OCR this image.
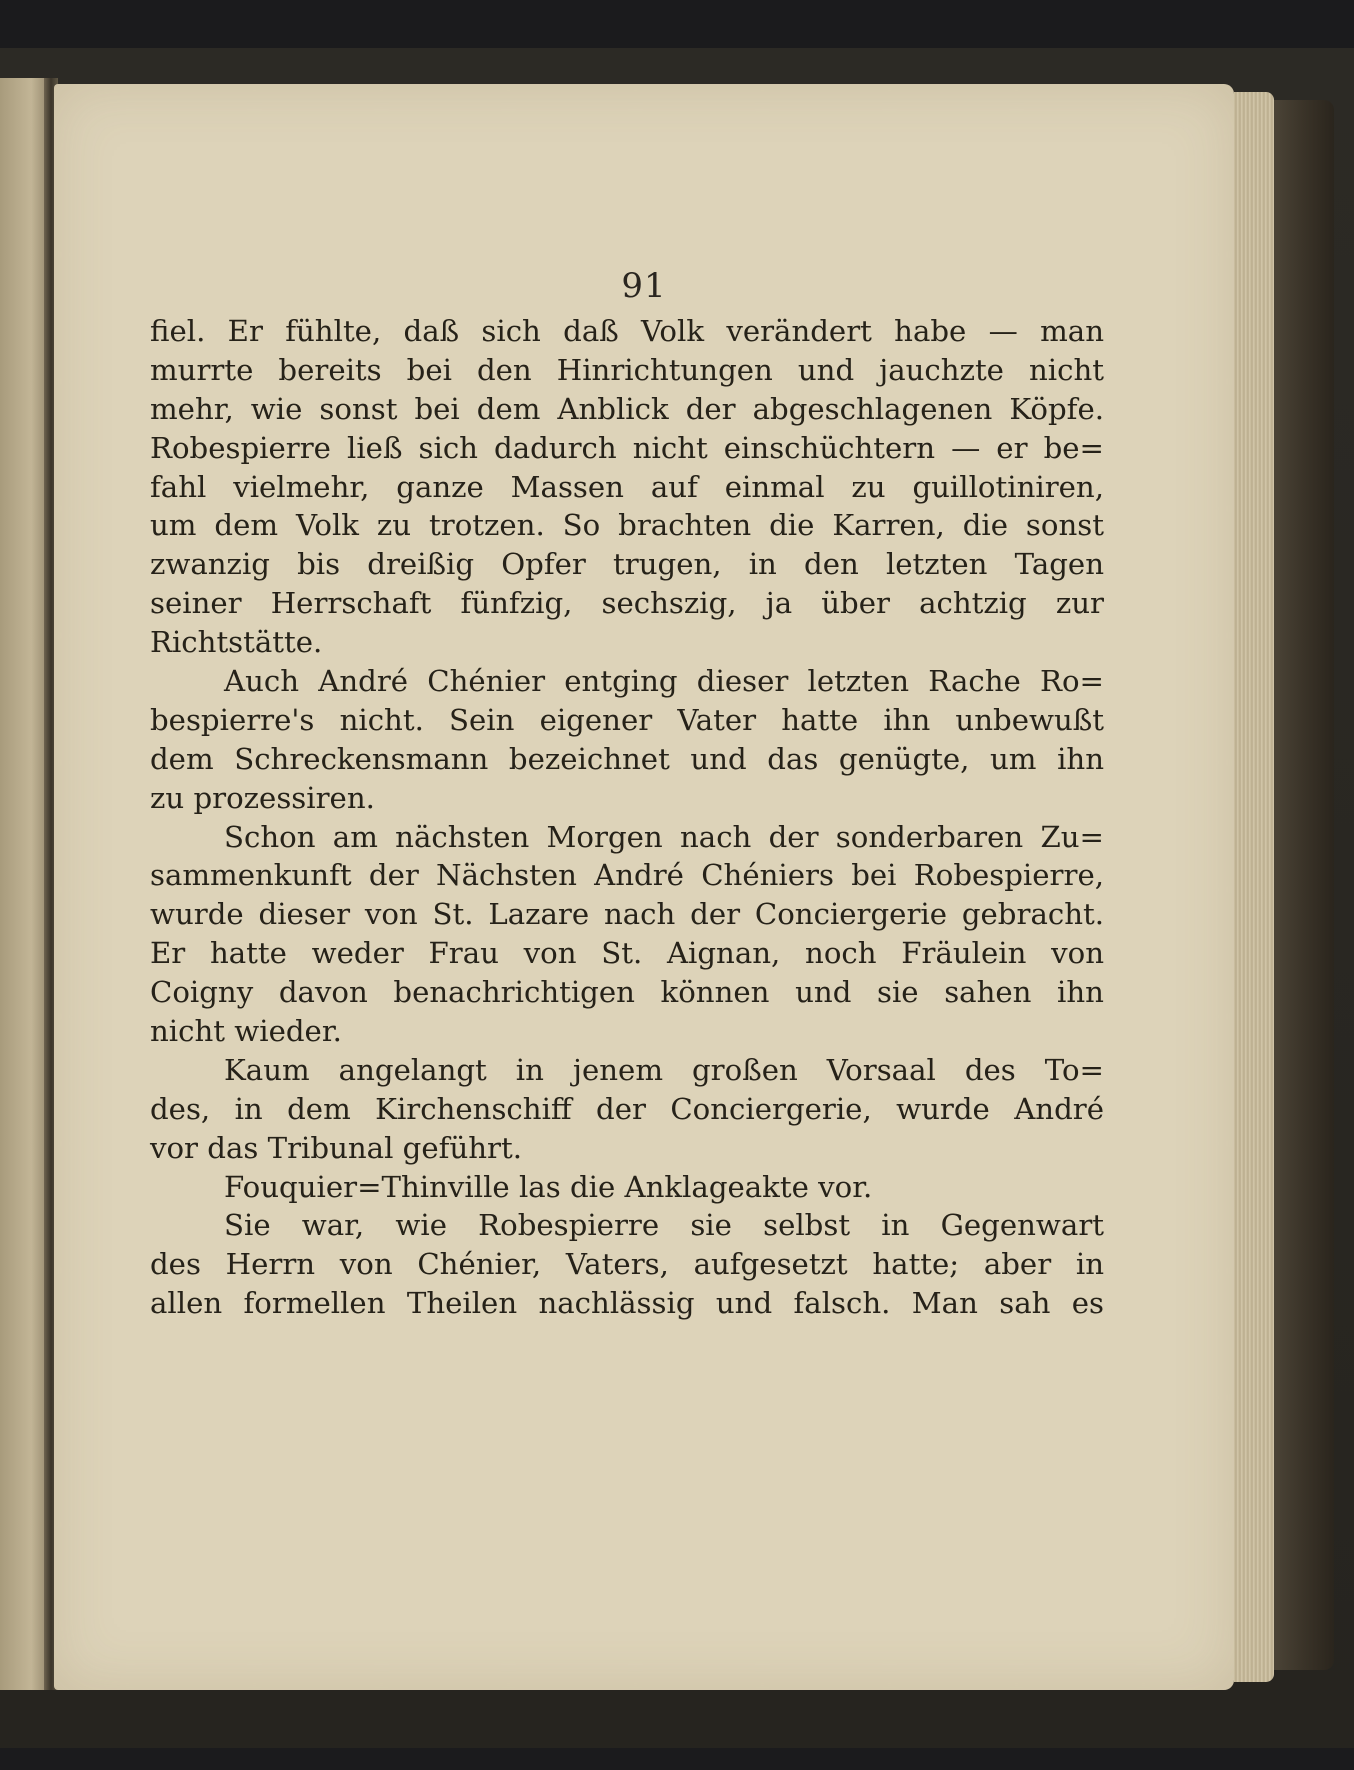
91
fiel. Er fühlte, daß sich daß Volk verändert habe — man
murrte bereits bei den Hinrichtungen und jauchzte nicht
mehr, wie sonst bei dem Anblick der abgeschlagenen Köpfe.
Robespierre ließ sich dadurch nicht einschüchtern — er be=
fahl vielmehr, ganze Massen auf einmal zu guillotiniren,
um dem Volk zu trotzen. So brachten die Karren, die sonst
zwanzig bis dreißig Opfer trugen, in den letzten Tagen
seiner Herrschaft fünfzig, sechszig, ja über achtzig zur
Richtstätte.
Auch André Chénier entging dieser letzten Rache Ro=
bespierre's nicht. Sein eigener Vater hatte ihn unbewußt
dem Schreckensmann bezeichnet und das genügte, um ihn
zu prozessiren.
Schon am nächsten Morgen nach der sonderbaren Zu=
sammenkunft der Nächsten André Chéniers bei Robespierre,
wurde dieser von St. Lazare nach der Conciergerie gebracht.
Er hatte weder Frau von St. Aignan, noch Fräulein von
Coigny davon benachrichtigen können und sie sahen ihn
nicht wieder.
Kaum angelangt in jenem großen Vorsaal des To=
des, in dem Kirchenschiff der Conciergerie, wurde André
vor das Tribunal geführt.
Fouquier=Thinville las die Anklageakte vor.
Sie war, wie Robespierre sie selbst in Gegenwart
des Herrn von Chénier, Vaters, aufgesetzt hatte; aber in
allen formellen Theilen nachlässig und falsch. Man sah es
